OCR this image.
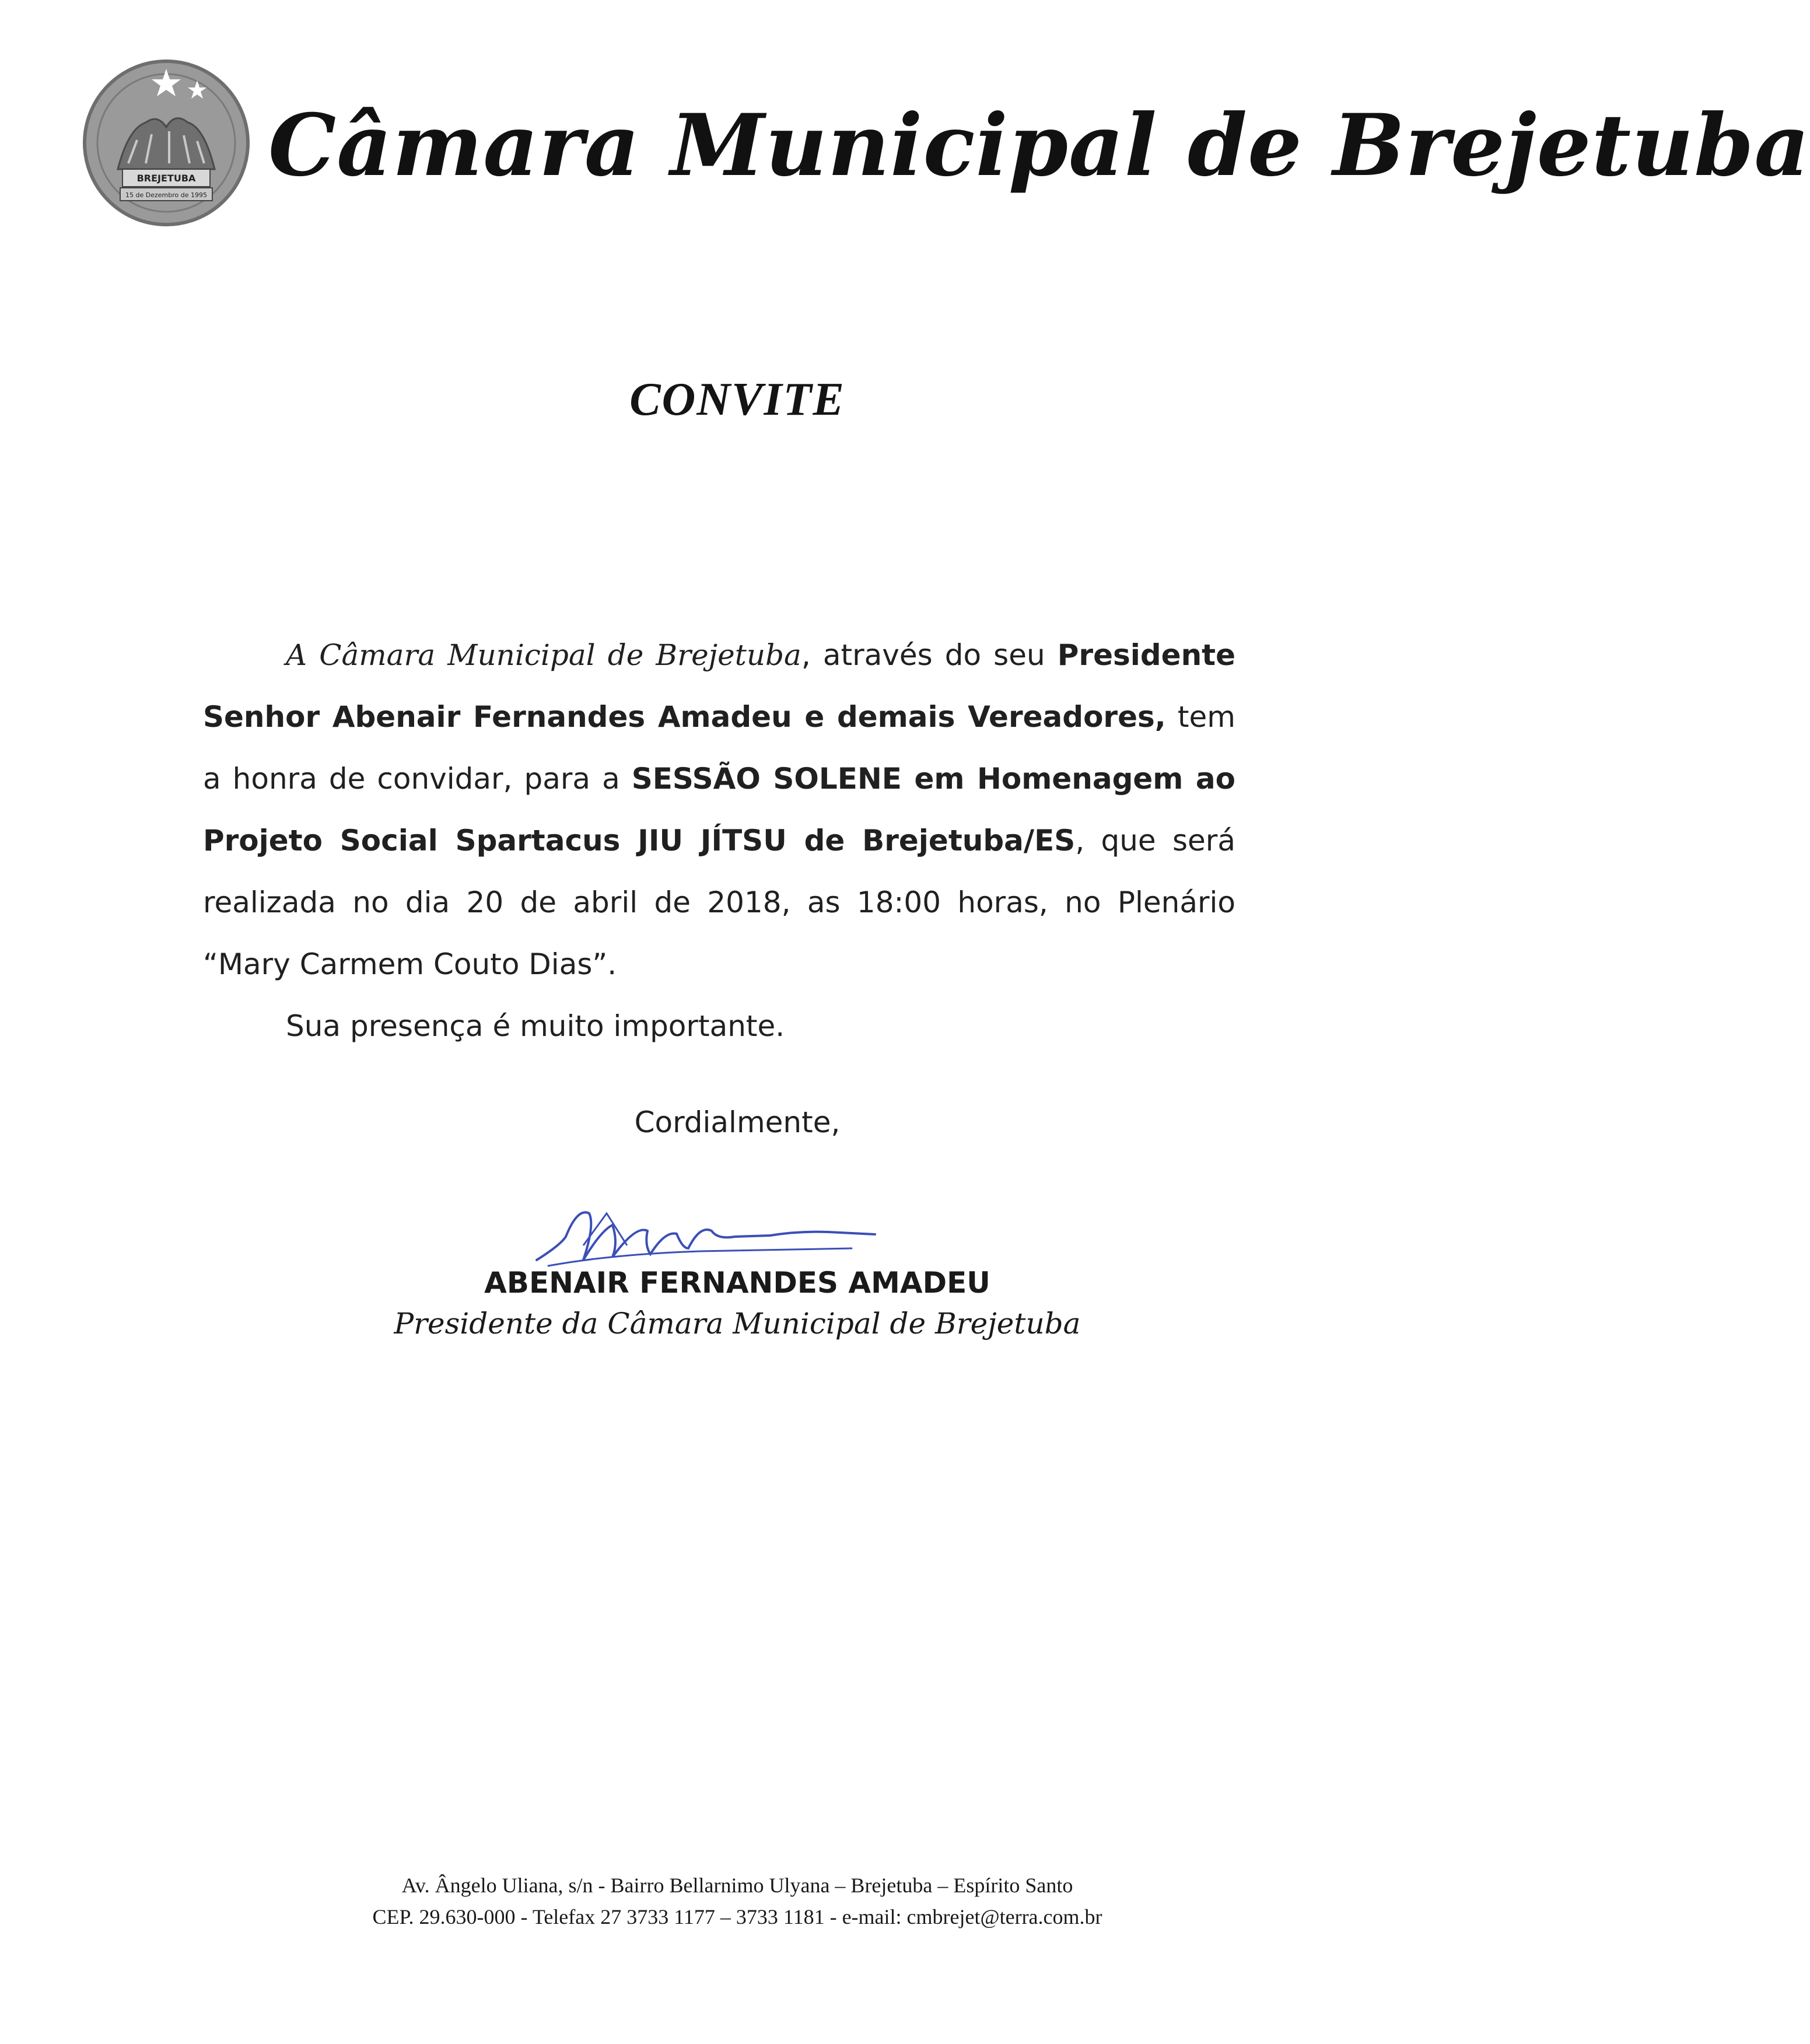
BREJETUBA
15 de Dezembro de 1995 Câmara Municipal de Brejetuba
CONVITE

A Câmara Municipal de Brejetuba, através do seu Presidente Senhor Abenair Fernandes Amadeu e demais Vereadores, tem a honra de convidar, para a SESSÃO SOLENE em Homenagem ao Projeto Social Spartacus JIU JÍTSU de Brejetuba/ES, que será realizada no dia 20 de abril de 2018, as 18:00 horas, no Plenário “Mary Carmem Couto Dias”.

Sua presença é muito importante.

Cordialmente,
ABENAIR FERNANDES AMADEU
Presidente da Câmara Municipal de Brejetuba
Av. Ângelo Uliana, s/n - Bairro Bellarnimo Ulyana – Brejetuba – Espírito Santo
CEP. 29.630-000 - Telefax 27 3733 1177 – 3733 1181 - e-mail: cmbrejet@terra.com.br
